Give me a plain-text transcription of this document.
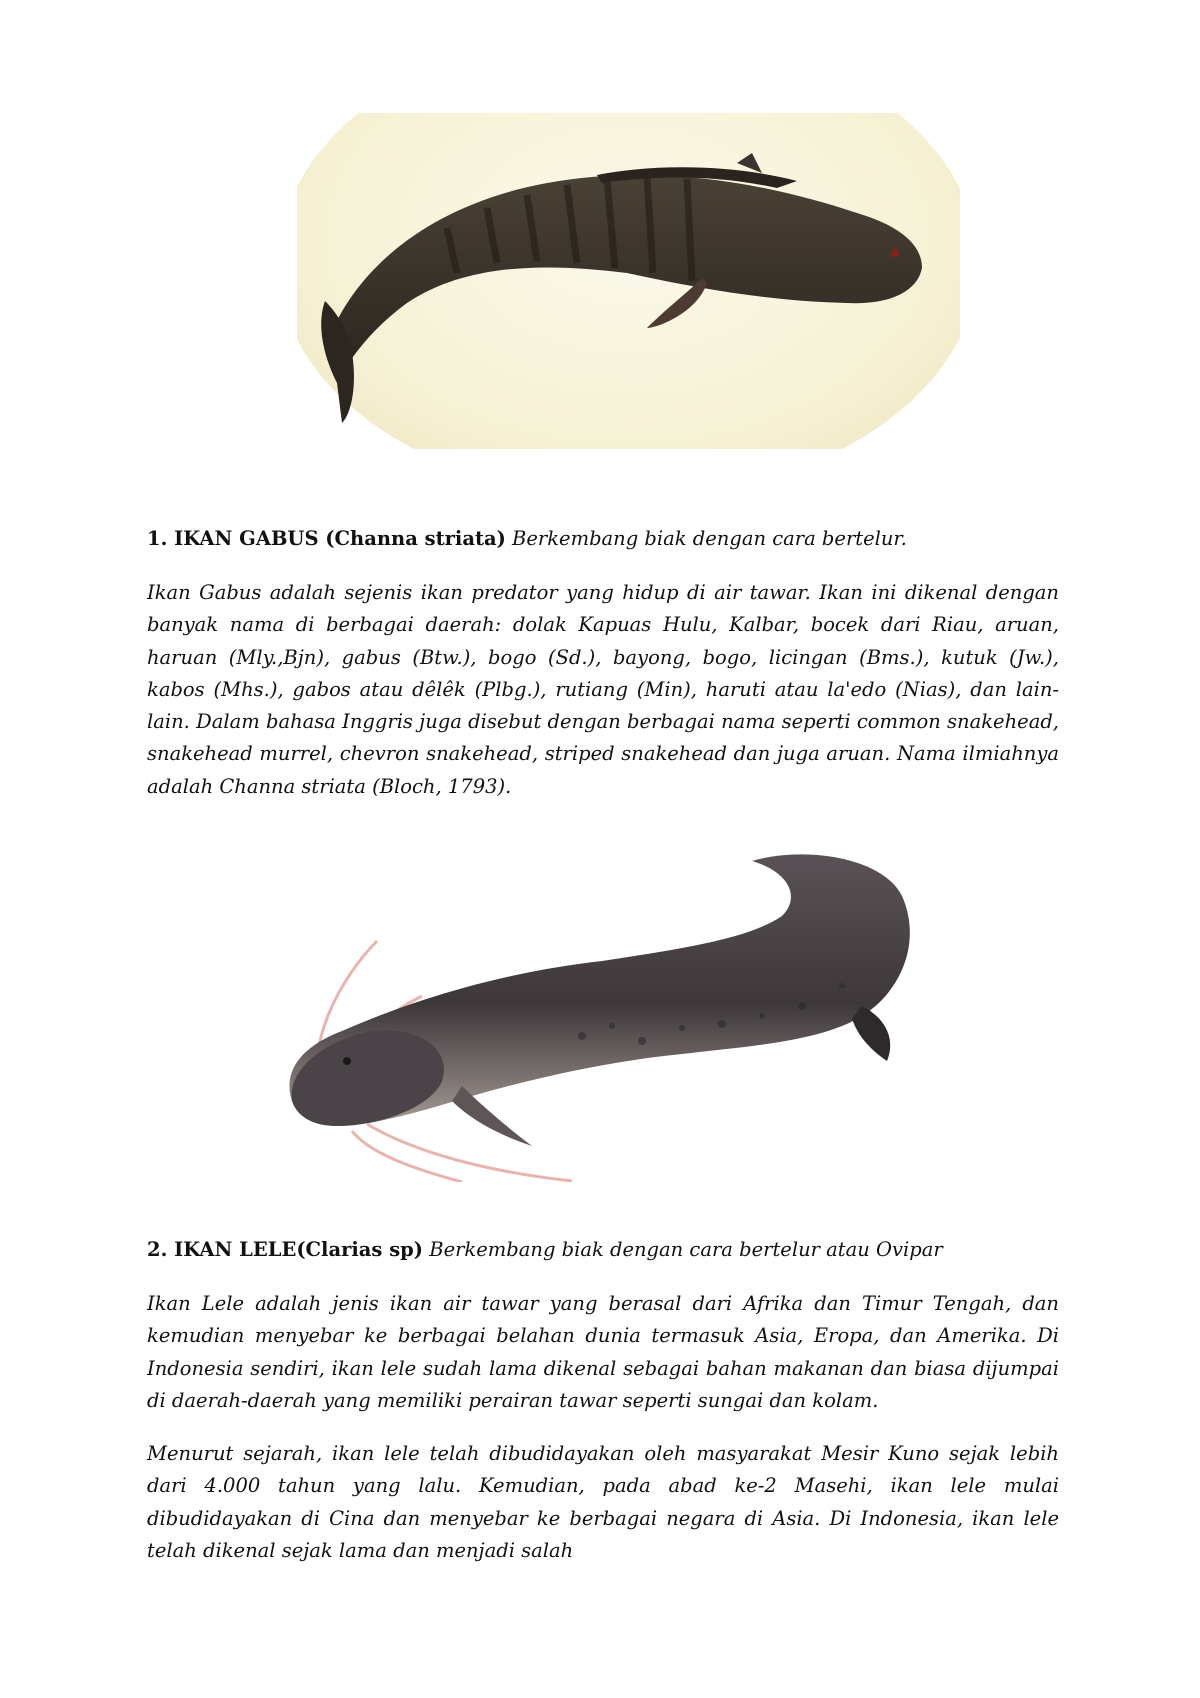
1. IKAN GABUS (Channa striata) Berkembang biak dengan cara bertelur.

Ikan Gabus adalah sejenis ikan predator yang hidup di air tawar. Ikan ini dikenal dengan banyak nama di berbagai daerah: dolak Kapuas Hulu, Kalbar, bocek dari Riau, aruan, haruan (Mly.,Bjn), gabus (Btw.), bogo (Sd.), bayong, bogo, licingan (Bms.), kutuk (Jw.), kabos (Mhs.), gabos atau dêlêk (Plbg.), rutiang (Min), haruti atau la'edo (Nias), dan lain-lain. Dalam bahasa Inggris juga disebut dengan berbagai nama seperti common snakehead, snakehead murrel, chevron snakehead, striped snakehead dan juga aruan. Nama ilmiahnya adalah Channa striata (Bloch, 1793).

2. IKAN LELE(Clarias sp) Berkembang biak dengan cara bertelur atau Ovipar

Ikan Lele adalah jenis ikan air tawar yang berasal dari Afrika dan Timur Tengah, dan kemudian menyebar ke berbagai belahan dunia termasuk Asia, Eropa, dan Amerika. Di Indonesia sendiri, ikan lele sudah lama dikenal sebagai bahan makanan dan biasa dijumpai di daerah-daerah yang memiliki perairan tawar seperti sungai dan kolam.

Menurut sejarah, ikan lele telah dibudidayakan oleh masyarakat Mesir Kuno sejak lebih dari 4.000 tahun yang lalu. Kemudian, pada abad ke-2 Masehi, ikan lele mulai dibudidayakan di Cina dan menyebar ke berbagai negara di Asia. Di Indonesia, ikan lele telah dikenal sejak lama dan menjadi salah
